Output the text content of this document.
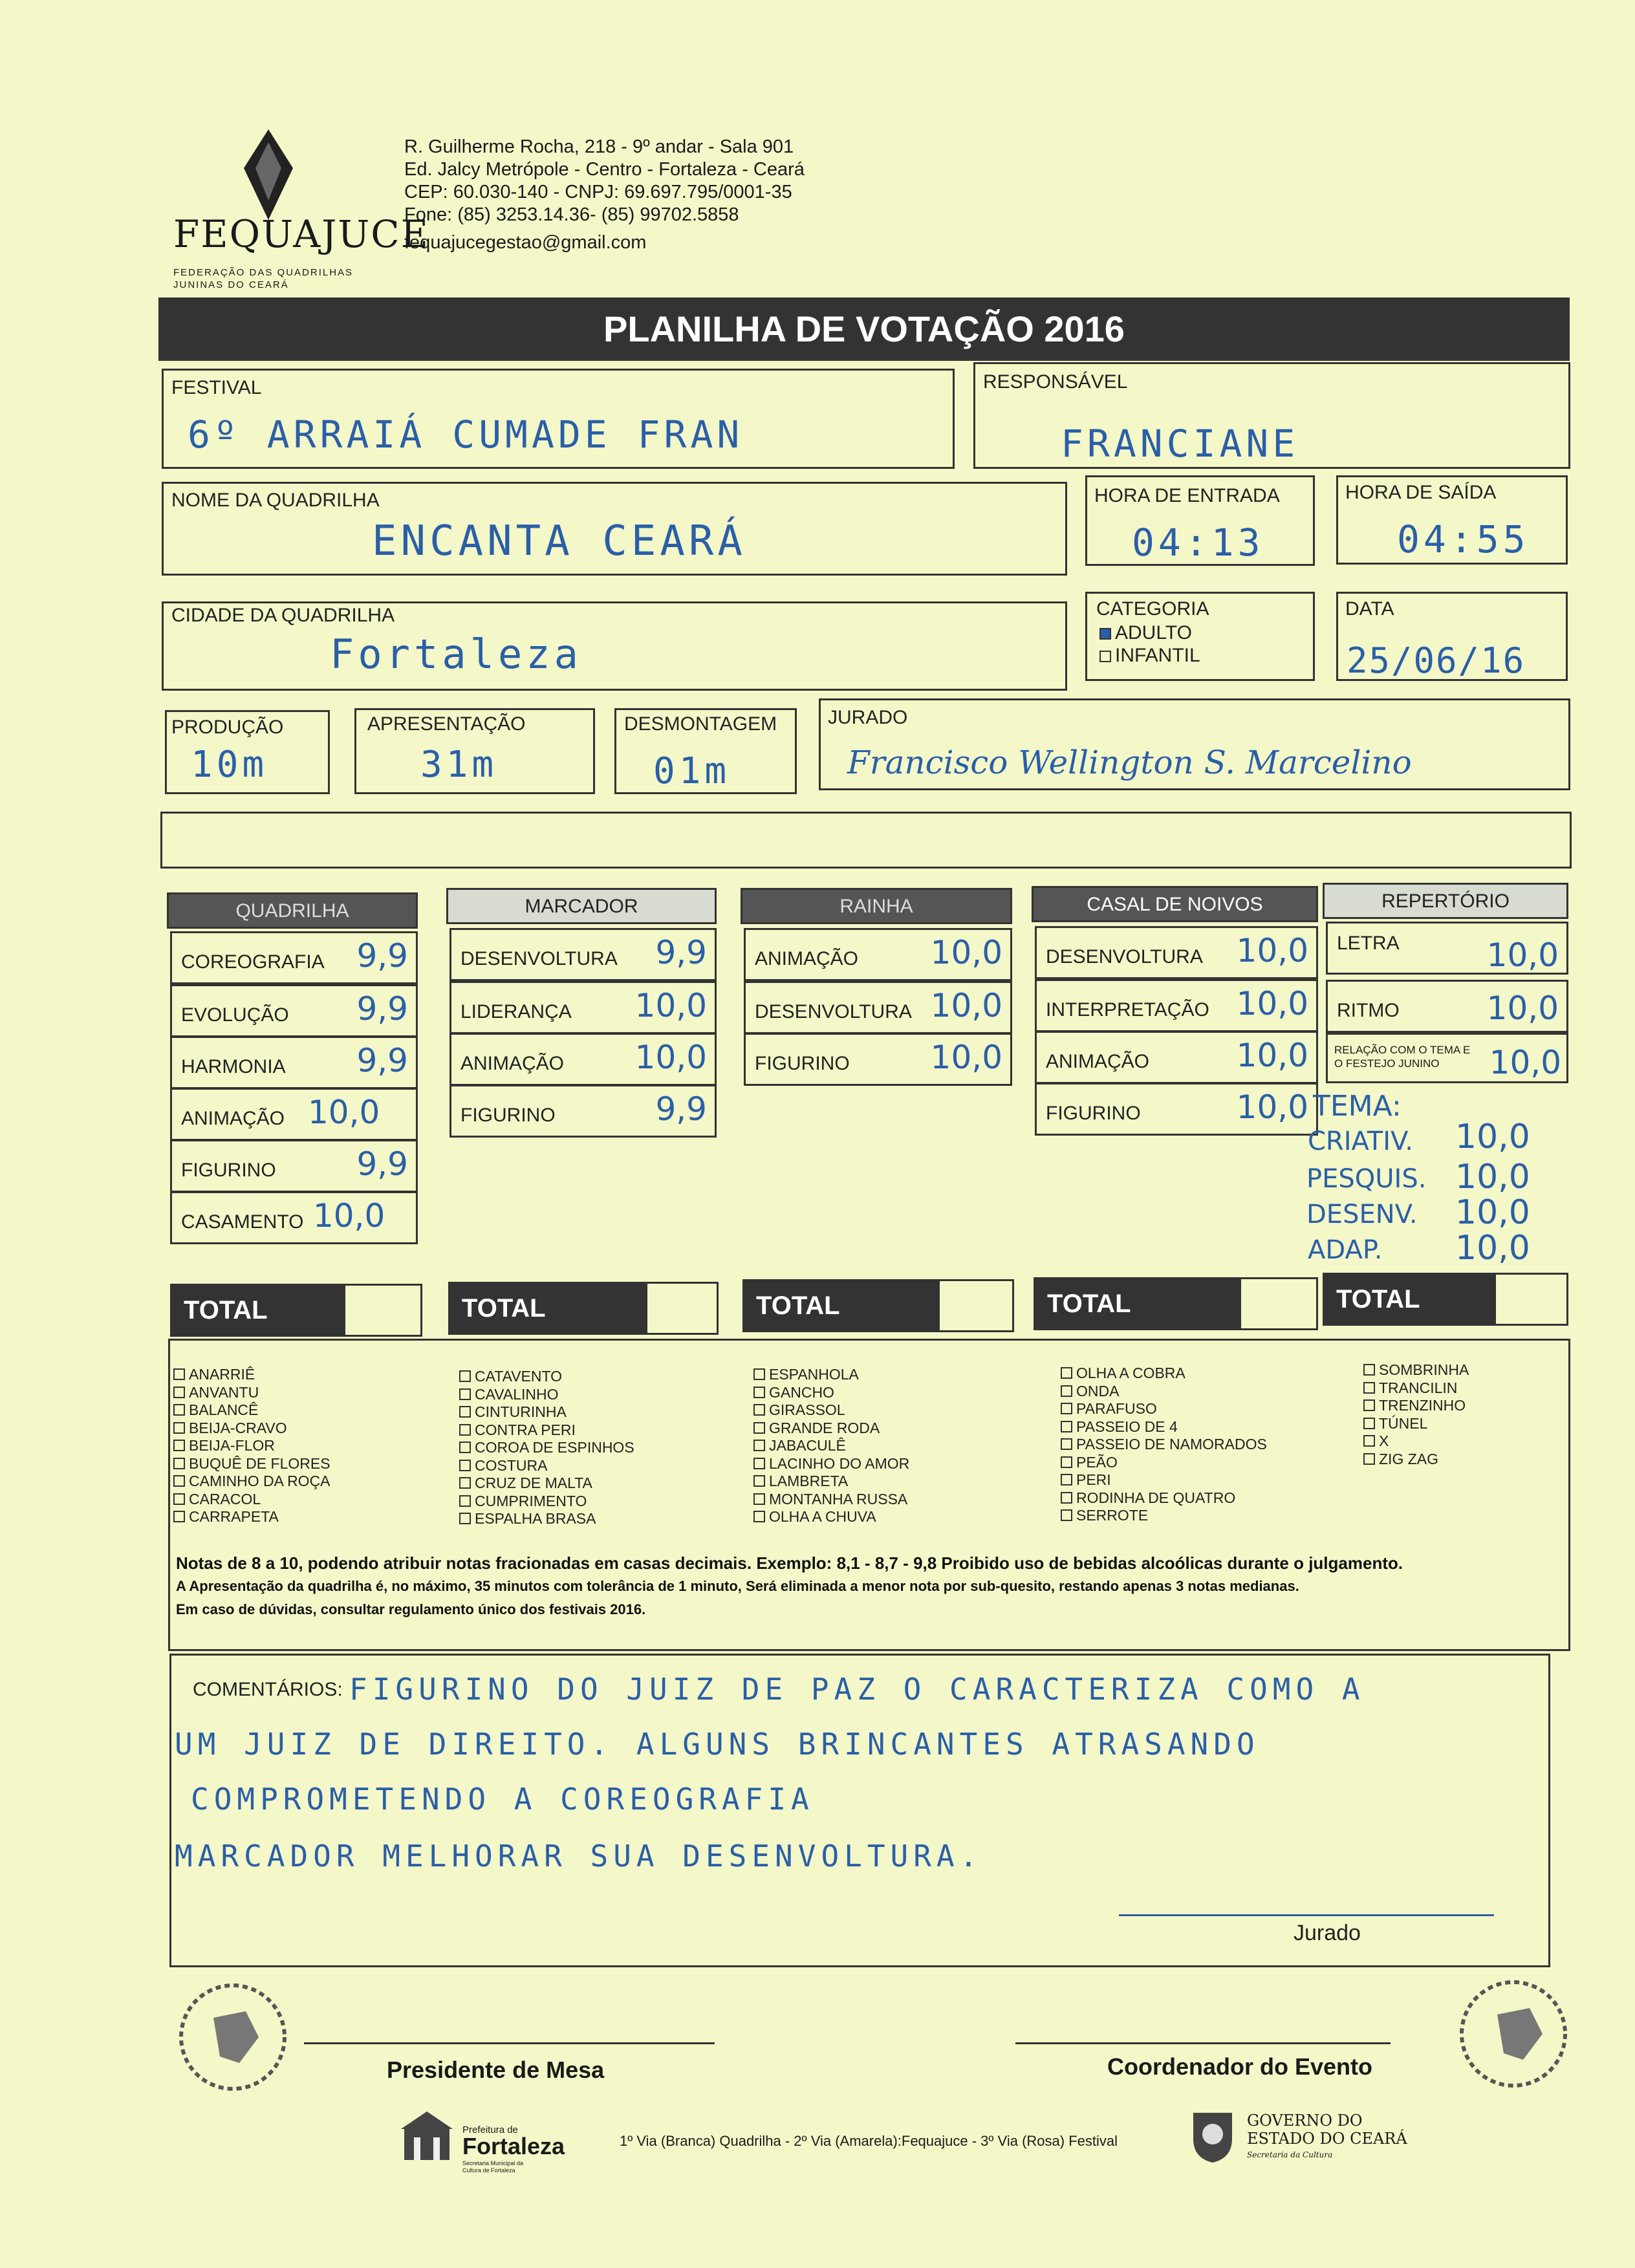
FEQUAJUCE
FEDERAÇÃO DAS QUADRILHAS
JUNINAS DO CEARÁ
R. Guilherme Rocha, 218 - 9º andar - Sala 901
Ed. Jalcy Metrópole - Centro - Fortaleza - Ceará
CEP: 60.030-140 - CNPJ: 69.697.795/0001-35
Fone: (85) 3253.14.36- (85) 99702.5858
fequajucegestao@gmail.com
PLANILHA DE VOTAÇÃO 2016
FESTIVAL
6º ARRAIÁ CUMADE FRAN
RESPONSÁVEL
FRANCIANE
NOME DA QUADRILHA
ENCANTA CEARÁ
HORA DE ENTRADA
04:13
HORA DE SAÍDA
04:55
CIDADE DA QUADRILHA
Fortaleza
CATEGORIA
ADULTO
INFANTIL
DATA
25/06/16
PRODUÇÃO
10m
APRESENTAÇÃO
31m
DESMONTAGEM
01m
JURADO
Francisco Wellington S. Marcelino
QUADRILHA
COREOGRAFIA 9,9
EVOLUÇÃO 9,9
HARMONIA 9,9
ANIMAÇÃO 10,0
FIGURINO 9,9
CASAMENTO 10,0
MARCADOR
DESENVOLTURA 9,9
LIDERANÇA 10,0
ANIMAÇÃO 10,0
FIGURINO	9,9
RAINHA
ANIMAÇÃO 10,0
DESENVOLTURA 10,0
FIGURINO	10,0
CASAL DE NOIVOS
DESENVOLTURA 10,0
INTERPRETAÇÃO 10,0
ANIMAÇÃO	10,0
FIGURINO	10,0
REPERTÓRIO
LETRA	10,0
RITMO	10,0
RELAÇÃO COM O TEMA E
O FESTEJO JUNINO 10,0
TEMA:
CRIATIV. 10,0
PESQUIS. 10,0
DESENV. 10,0
ADAP. 10,0
TOTAL	TOTAL	TOTAL	TOTAL	TOTAL
ANARRIÊ
ANVANTU
BALANCÊ
BEIJA-CRAVO
BEIJA-FLOR
BUQUÊ DE FLORES
CAMINHO DA ROÇA
CARACOL
CARRAPETA
CATAVENTO
CAVALINHO
CINTURINHA
CONTRA PERI
COROA DE ESPINHOS
COSTURA
CRUZ DE MALTA
CUMPRIMENTO
ESPALHA BRASA
ESPANHOLA
GANCHO
GIRASSOL
GRANDE RODA
JABACULÊ
LACINHO DO AMOR
LAMBRETA
MONTANHA RUSSA
OLHA A CHUVA
OLHA A COBRA
ONDA
PARAFUSO
PASSEIO DE 4
PASSEIO DE NAMORADOS
PEÃO
PERI
RODINHA DE QUATRO
SERROTE
SOMBRINHA
TRANCILIN
TRENZINHO
TÚNEL
X
ZIG ZAG
Notas de 8 a 10, podendo atribuir notas fracionadas em casas decimais. Exemplo: 8,1 - 8,7 - 9,8 Proibido uso de bebidas alcoólicas durante o julgamento.
A Apresentação da quadrilha é, no máximo, 35 minutos com tolerância de 1 minuto, Será eliminada a menor nota por sub-quesito, restando apenas 3 notas medianas.
Em caso de dúvidas, consultar regulamento único dos festivais 2016.
COMENTÁRIOS: FIGURINO DO JUIZ DE PAZ O CARACTERIZA COMO A
UM JUIZ DE DIREITO. ALGUNS BRINCANTES ATRASANDO
COMPROMETENDO A COREOGRAFIA
MARCADOR MELHORAR SUA DESENVOLTURA.
Jurado
Presidente de Mesa	Coordenador do Evento
Prefeitura de
Fortaleza
Secretaria Municipal da Cultura de Fortaleza
1º Via (Branca) Quadrilha - 2º Via (Amarela):Fequajuce - 3º Via (Rosa) Festival
GOVERNO DO
ESTADO DO CEARÁ
Secretaria da Cultura
